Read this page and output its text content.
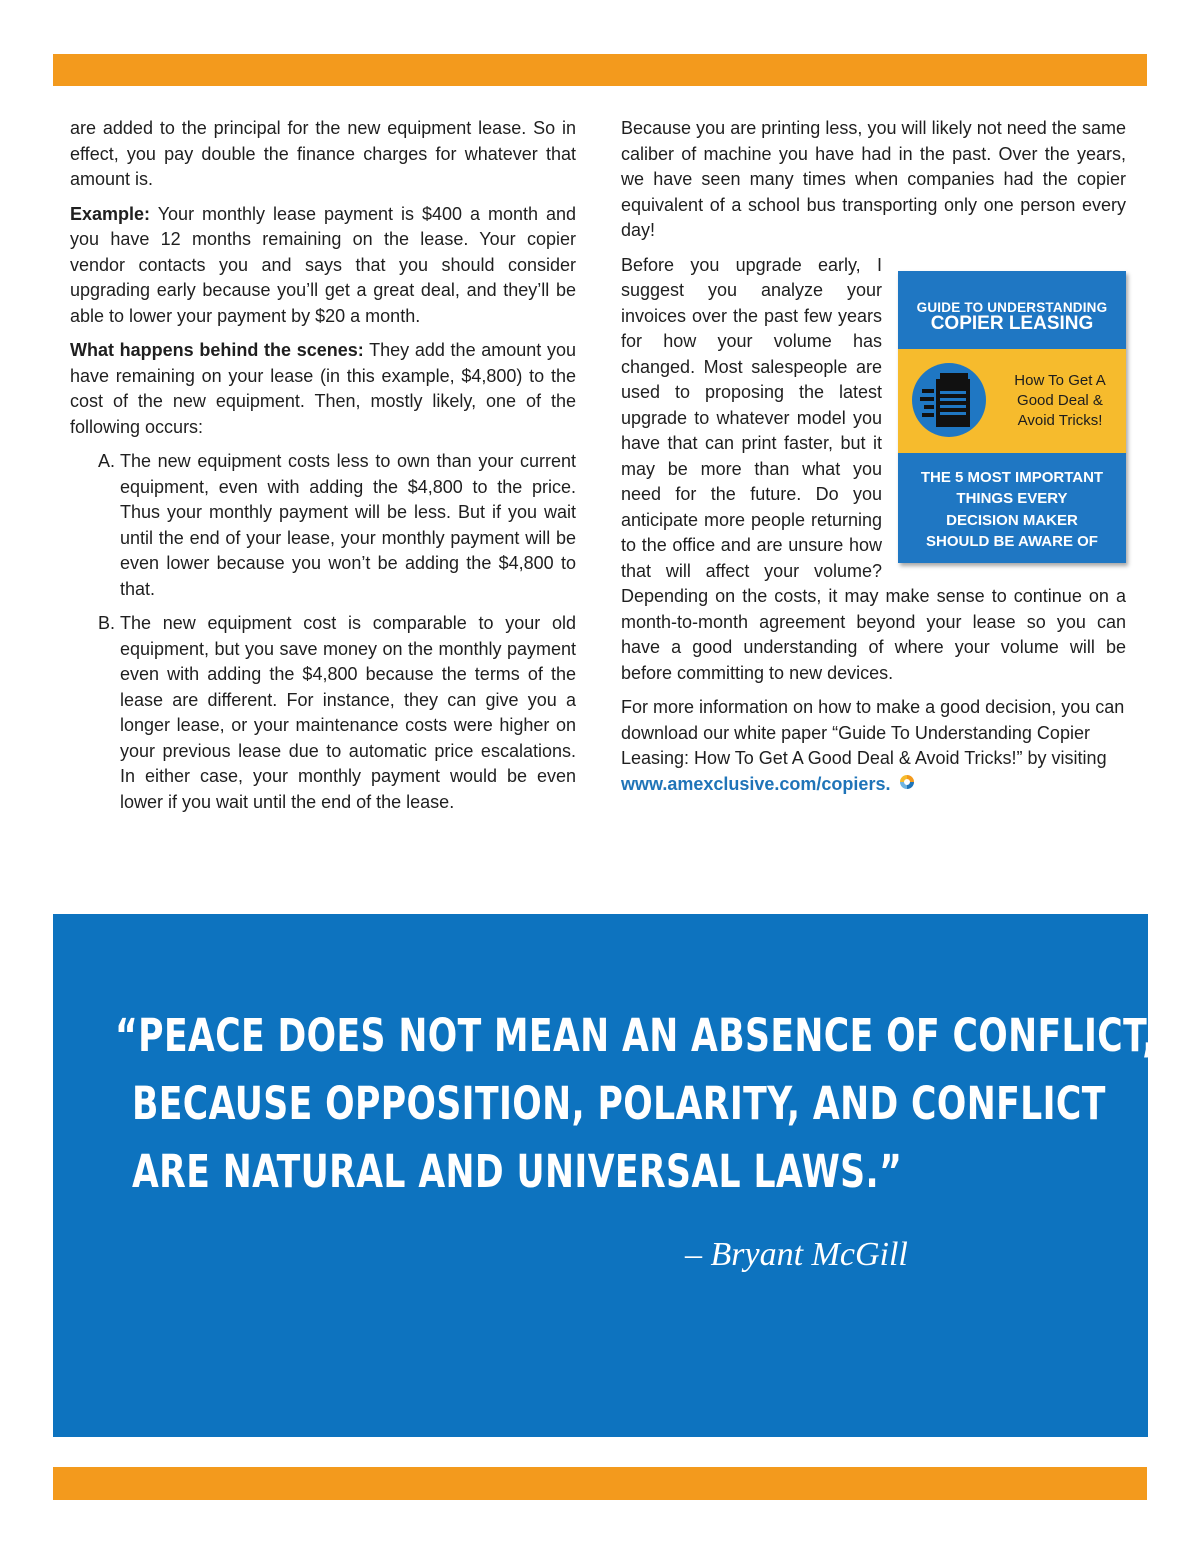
are added to the principal for the new equipment lease. So in effect, you pay double the finance charges for whatever that amount is.

Example: Your monthly lease payment is $400 a month and you have 12 months remaining on the lease. Your copier vendor contacts you and says that you should consider upgrading early because you’ll get a great deal, and they’ll be able to lower your payment by $20 a month.

What happens behind the scenes: They add the amount you have remaining on your lease (in this example, $4,800) to the cost of the new equipment. Then, mostly likely, one of the following occurs:

A. The new equipment costs less to own than your current equipment, even with adding the $4,800 to the price. Thus your monthly payment will be less. But if you wait until the end of your lease, your monthly payment will be even lower because you won’t be adding the $4,800 to that.
B. The new equipment cost is comparable to your old equipment, but you save money on the monthly payment even with adding the $4,800 because the terms of the lease are different. For instance, they can give you a longer lease, or your maintenance costs were higher on your previous lease due to automatic price escalations. In either case, your monthly payment would be even lower if you wait until the end of the lease.

Because you are printing less, you will likely not need the same caliber of machine you have had in the past. Over the years, we have seen many times when companies had the copier equivalent of a school bus transporting only one person every day!

GUIDE TO UNDERSTANDING
COPIER LEASING
How To Get A
Good Deal &
Avoid Tricks!
THE 5 MOST IMPORTANT
THINGS EVERY
DECISION MAKER
SHOULD BE AWARE OF
Before you upgrade early, I suggest you analyze your invoices over the past few years for how your volume has changed. Most salespeople are used to proposing the latest upgrade to whatever model you have that can print faster, but it may be more than what you need for the future. Do you anticipate more people returning to the office and are unsure how that will affect your volume? Depending on the costs, it may make sense to continue on a month-to-month agreement beyond your lease so you can have a good understanding of where your volume will be before committing to new devices.

For more information on how to make a good decision, you can download our white paper “Guide To Understanding Copier Leasing: How To Get A Good Deal & Avoid Tricks!” by visiting www.amexclusive.com/copiers.

“PEACE DOES NOT MEAN AN ABSENCE OF CONFLICT,
BECAUSE OPPOSITION, POLARITY, AND CONFLICT
ARE NATURAL AND UNIVERSAL LAWS.”
– Bryant McGill
